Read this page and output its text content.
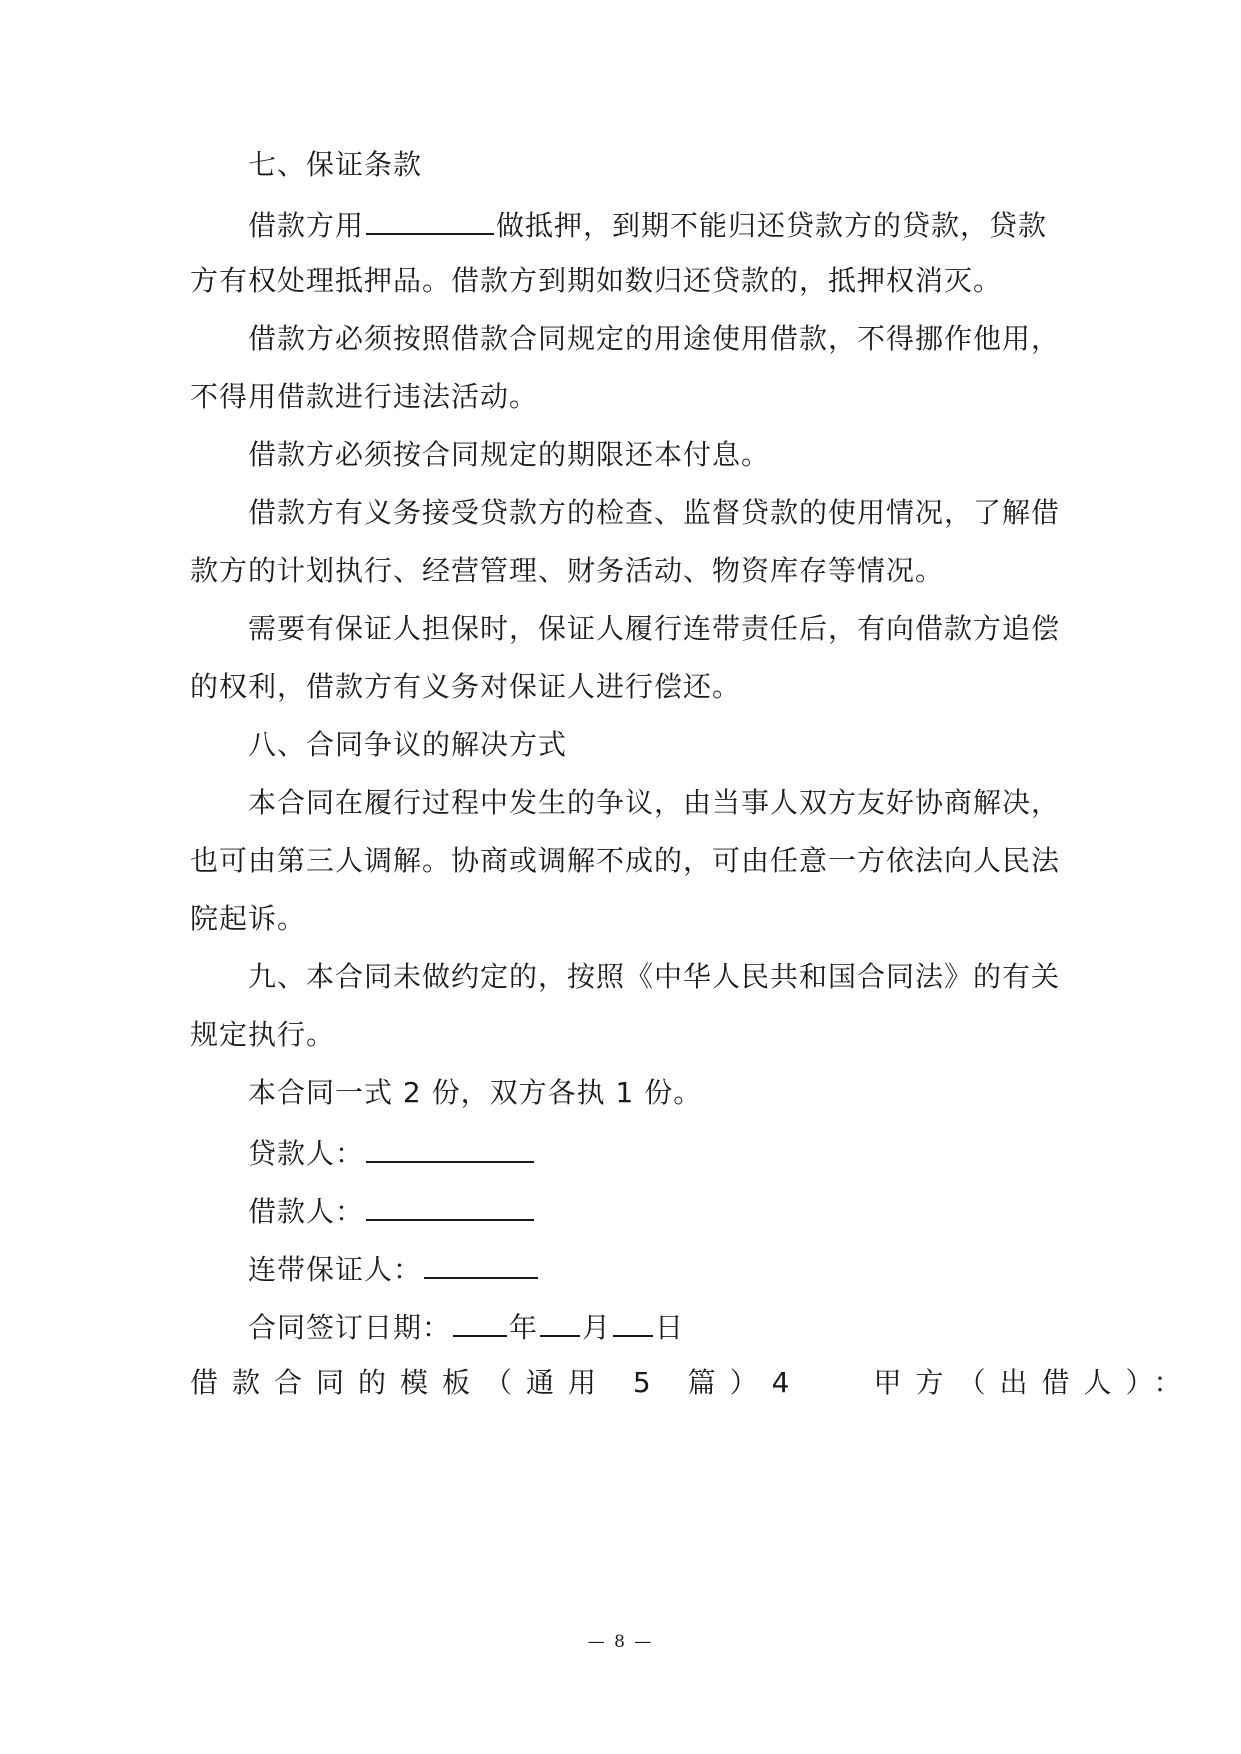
七、保证条款
借款方用	做抵押，到期不能归还贷款方的贷款，贷款
方有权处理抵押品。借款方到期如数归还贷款的，抵押权消灭。
借款方必须按照借款合同规定的用途使用借款，不得挪作他用，
不得用借款进行违法活动。
借款方必须按合同规定的期限还本付息。
借款方有义务接受贷款方的检查、监督贷款的使用情况，了解借
款方的计划执行、经营管理、财务活动、物资库存等情况。
需要有保证人担保时，保证人履行连带责任后，有向借款方追偿
的权利，借款方有义务对保证人进行偿还。
八、合同争议的解决方式
本合同在履行过程中发生的争议，由当事人双方友好协商解决，
也可由第三人调解。协商或调解不成的，可由任意一方依法向人民法
院起诉。
九、本合同未做约定的，按照《中华人民共和国合同法》的有关
规定执行。
本合同一式 2 份，双方各执 1 份。
贷款人：
借款人：
连带保证人：
合同签订日期： 年 月 日
借款合同的模板（通用 5 篇）4	甲方（出借人）：
— 8 —
